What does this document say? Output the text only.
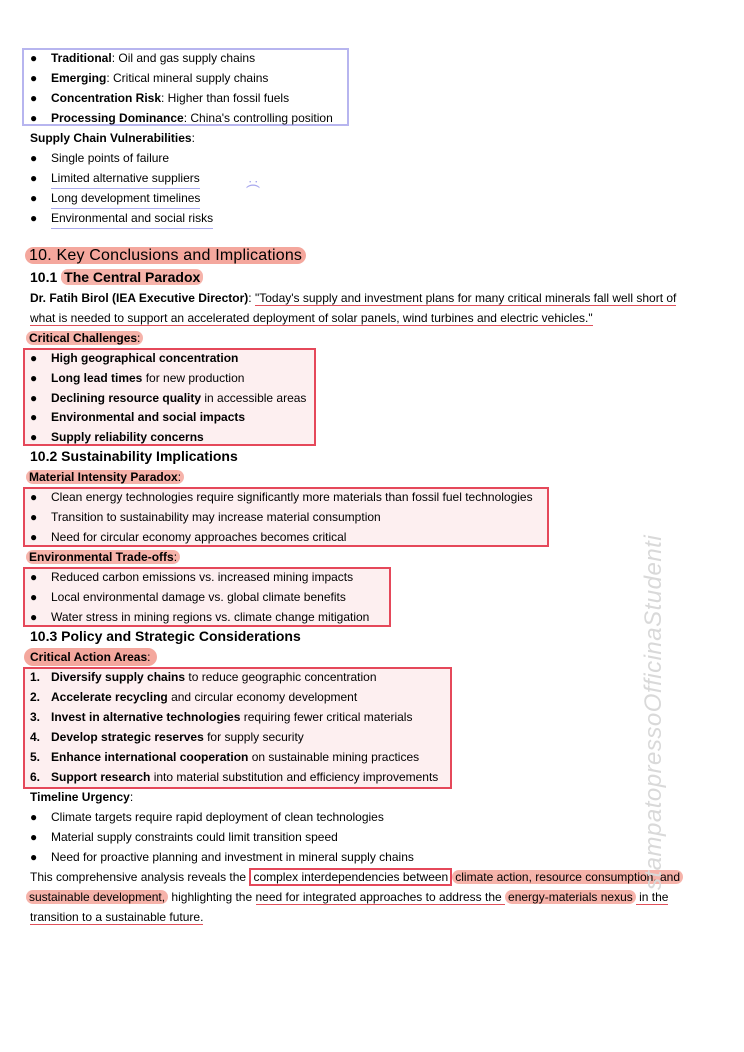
●	Traditional: Oil and gas supply chains
●	Emerging: Critical mineral supply chains
●	Concentration Risk: Higher than fossil fuels
●	Processing Dominance: China's controlling position
Supply Chain Vulnerabilities:
●	Single points of failure
●	Limited alternative suppliers	:(
●	Long development timelines
●	Environmental and social risks
10. Key Conclusions and Implications
10.1 The Central Paradox
Dr. Fatih Birol (IEA Executive Director): "Today's supply and investment plans for many critical minerals fall well short of
what is needed to support an accelerated deployment of solar panels, wind turbines and electric vehicles."
Critical Challenges:
●	High geographical concentration
●	Long lead times for new production
●	Declining resource quality in accessible areas
●	Environmental and social impacts
●	Supply reliability concerns
10.2 Sustainability Implications
Material Intensity Paradox:
●	Clean energy technologies require significantly more materials than fossil fuel technologies
●	Transition to sustainability may increase material consumption
●	Need for circular economy approaches becomes critical
Environmental Trade-offs:
●	Reduced carbon emissions vs. increased mining impacts
●	Local environmental damage vs. global climate benefits
●	Water stress in mining regions vs. climate change mitigation
10.3 Policy and Strategic Considerations
Critical Action Areas:
1. Diversify supply chains to reduce geographic concentration
2. Accelerate recycling and circular economy development
3. Invest in alternative technologies requiring fewer critical materials
4. Develop strategic reserves for supply security
5. Enhance international cooperation on sustainable mining practices
6. Support research into material substitution and efficiency improvements
Timeline Urgency:
●	Climate targets require rapid deployment of clean technologies
●	Material supply constraints could limit transition speed
●	Need for proactive planning and investment in mineral supply chains
This comprehensive analysis reveals the complex interdependencies between climate action, resource consumption, and
sustainable development, highlighting the need for integrated approaches to address the energy-materials nexus in the
transition to a sustainable future.
stampatopressoOfficinaStudenti
